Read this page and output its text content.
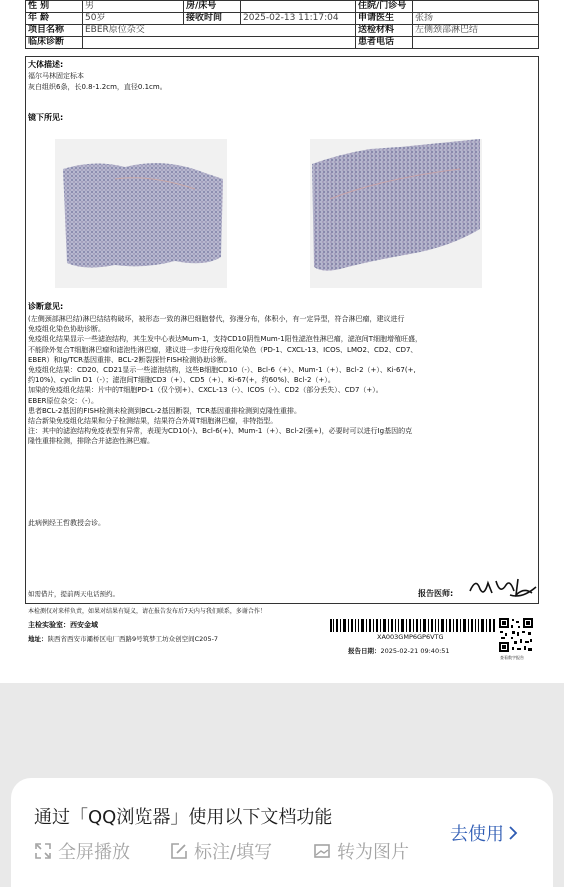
性 别	男	房/床号		住院/门诊号	
年 龄	50岁	接收时间	2025-02-13 11:17:04	申请医生	张扬
项目名称	EBER原位杂交			送检材料	左侧颈部淋巴结
临床诊断				患者电话	
大体描述:
福尔马林固定标本
灰白组织6条，长0.8-1.2cm，直径0.1cm。
镜下所见:
诊断意见:
(左侧颈部淋巴结)淋巴结结构破坏，被形态一致的淋巴细胞替代，弥漫分布，体积小，有一定异型，符合淋巴瘤，建议进行
免疫组化染色协助诊断。
免疫组化结果显示一些滤泡结构，其生发中心表达Mum-1，支持CD10阴性Mum-1阳性滤泡性淋巴瘤，滤泡间T细胞增殖旺盛，
不能除外复合T细胞淋巴瘤和滤泡性淋巴瘤，建议进一步进行免疫组化染色（PD-1、CXCL-13、ICOS、LMO2、CD2、CD7、
EBER）和Ig/TCR基因重排、BCL-2断裂探针FISH检测协助诊断。
免疫组化结果：CD20、CD21显示一些滤泡结构，这些B细胞CD10（-）、Bcl-6（+）、Mum-1（+）、Bcl-2（+）、Ki-67(+,
约10%)、cyclin D1（-）；滤泡间T细胞CD3（+）、CD5（+）、Ki-67(+，约60%)、Bcl-2（+）。
加染的免疫组化结果：片中的T细胞PD-1（仅个别+）、CXCL-13（-）、ICOS（-）、CD2（部分丢失）、CD7（+）。
EBER原位杂交：（-）。
患者BCL-2基因的FISH检测未检测到BCL-2基因断裂，TCR基因重排检测到克隆性重排。
结合新染免疫组化结果和分子检测结果，结果符合外周T细胞淋巴瘤，非特指型。
注：其中的滤泡结构免疫表型有异常，表现为CD10(-)、Bcl-6(+)、Mum-1（+）、Bcl-2(强+)，必要时可以进行Ig基因的克
隆性重排检测，排除合并滤泡性淋巴瘤。
此病例经王哲教授会诊。
如需借片，提前两天电话预约。	报告医师:
本检测仅对来样负责，如果对结果有疑义，请在报告发布后7天内与我们联系，多谢合作！
主检实验室：西安金域
地址：陕西省西安市灞桥区电厂西路9号筑梦工坊众创空间C205-7	XA003GMP6GP6VTG
报告日期：2025-02-21 09:40:51
查看数字报告
通过「QQ浏览器」使用以下文档功能
全屏播放	标注/填写	转为图片
去使用
